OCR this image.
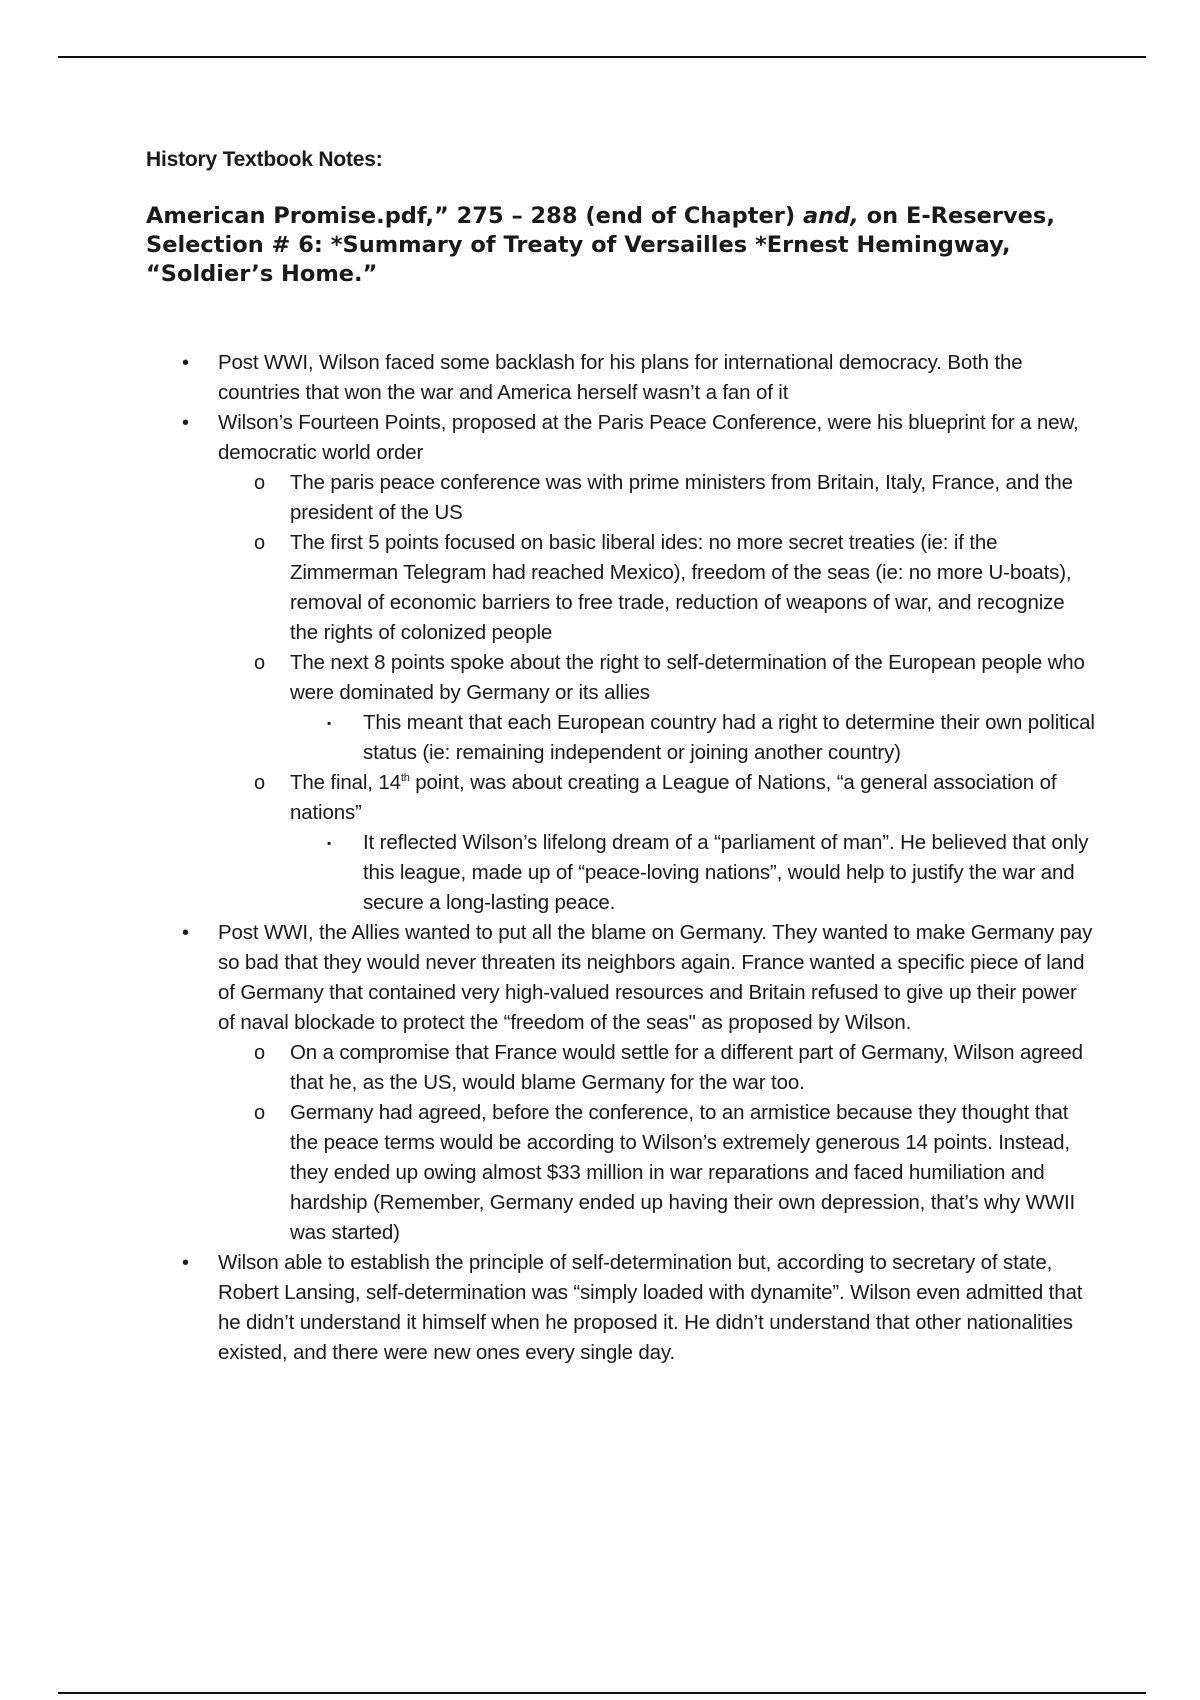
History Textbook Notes:
American Promise.pdf,” 275 – 288 (end of Chapter) and, on E-Reserves, Selection # 6: *Summary of Treaty of Versailles *Ernest Hemingway, “Soldier’s Home.”
• Post WWI, Wilson faced some backlash for his plans for international democracy. Both the countries that won the war and America herself wasn’t a fan of it
• Wilson’s Fourteen Points, proposed at the Paris Peace Conference, were his blueprint for a new, democratic world order
o The paris peace conference was with prime ministers from Britain, Italy, France, and the president of the US
o The first 5 points focused on basic liberal ides: no more secret treaties (ie: if the Zimmerman Telegram had reached Mexico), freedom of the seas (ie: no more U-boats), removal of economic barriers to free trade, reduction of weapons of war, and recognize the rights of colonized people
o The next 8 points spoke about the right to self-determination of the European people who were dominated by Germany or its allies
▪ This meant that each European country had a right to determine their own political status (ie: remaining independent or joining another country)
o The final, 14th point, was about creating a League of Nations, “a general association of nations”
▪ It reflected Wilson’s lifelong dream of a “parliament of man”. He believed that only this league, made up of “peace-loving nations”, would help to justify the war and secure a long-lasting peace.
• Post WWI, the Allies wanted to put all the blame on Germany. They wanted to make Germany pay so bad that they would never threaten its neighbors again. France wanted a specific piece of land of Germany that contained very high-valued resources and Britain refused to give up their power of naval blockade to protect the “freedom of the seas" as proposed by Wilson.
o On a compromise that France would settle for a different part of Germany, Wilson agreed that he, as the US, would blame Germany for the war too.
o Germany had agreed, before the conference, to an armistice because they thought that the peace terms would be according to Wilson’s extremely generous 14 points. Instead, they ended up owing almost $33 million in war reparations and faced humiliation and hardship (Remember, Germany ended up having their own depression, that’s why WWII was started)
• Wilson able to establish the principle of self-determination but, according to secretary of state, Robert Lansing, self-determination was “simply loaded with dynamite”. Wilson even admitted that he didn’t understand it himself when he proposed it. He didn’t understand that other nationalities existed, and there were new ones every single day.
